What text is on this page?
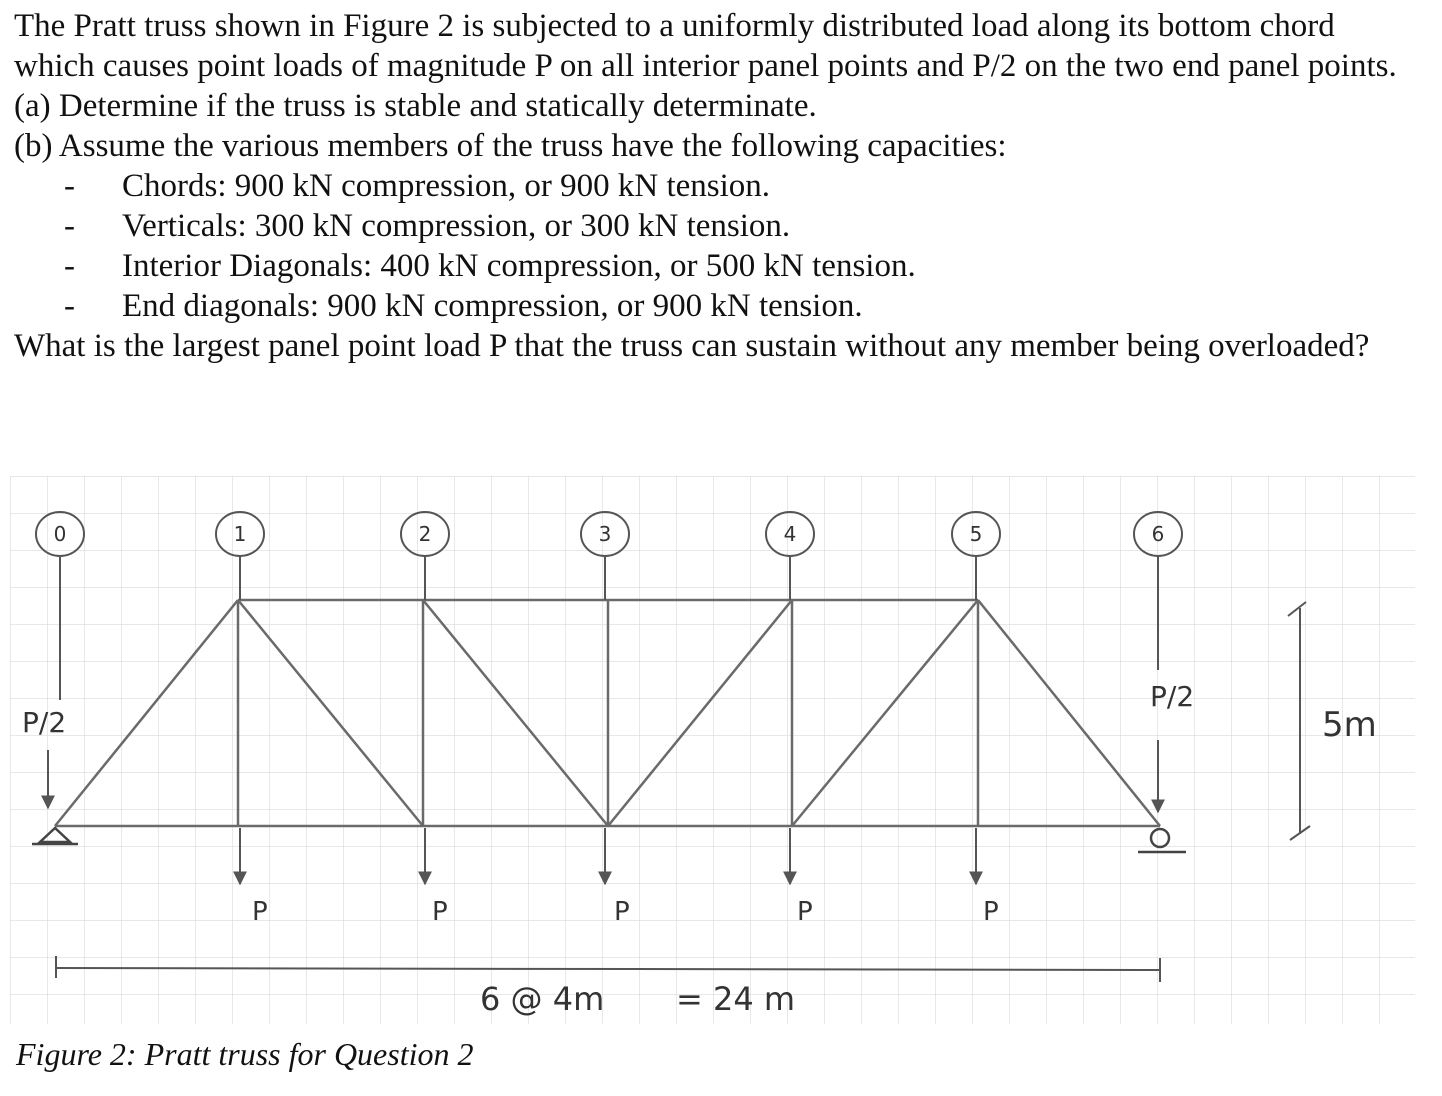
The Pratt truss shown in Figure 2 is subjected to a uniformly distributed load along its bottom chord which causes point loads of magnitude P on all interior panel points and P/2 on the two end panel points.

(a) Determine if the truss is stable and statically determinate.

(b) Assume the various members of the truss have the following capacities:

- Chords: 900 kN compression, or 900 kN tension.
- Verticals: 300 kN compression, or 300 kN tension.
- Interior Diagonals: 400 kN compression, or 500 kN tension.
- End diagonals: 900 kN compression, or 900 kN tension.

What is the largest panel point load P that the truss can sustain without any member being overloaded?

0	1	2	3	4	5	6
P/2
P/2
P	P	P	P	P
5m
6 @ 4m = 24 m
Figure 2: Pratt truss for Question 2
